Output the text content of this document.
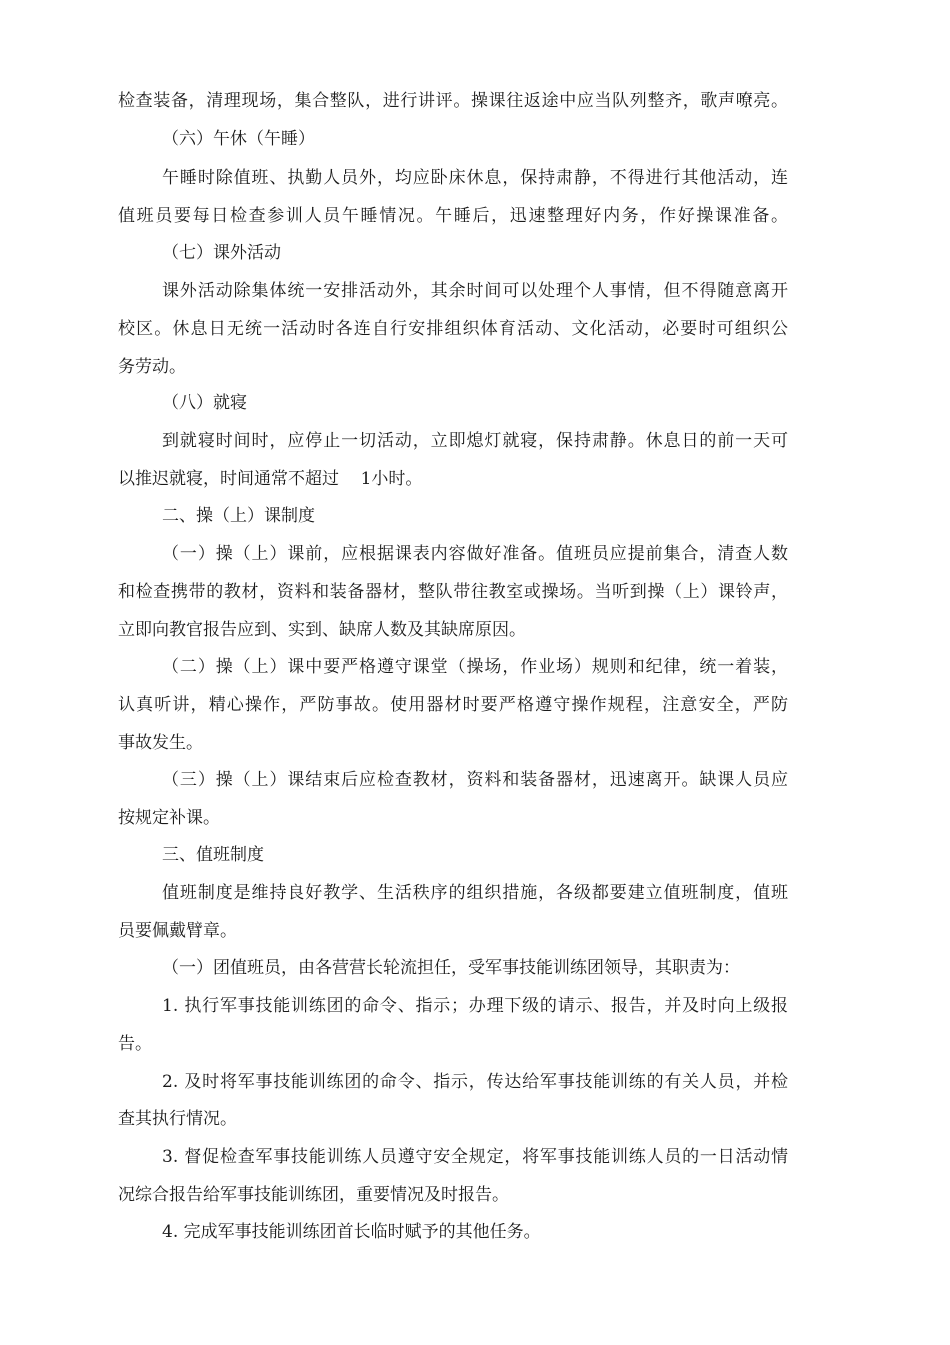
检查装备，清理现场，集合整队，进行讲评。操课往返途中应当队列整齐，歌声嘹亮。
（六）午休（午睡）
午睡时除值班、执勤人员外，均应卧床休息，保持肃静，不得进行其他活动，连
值班员要每日检查参训人员午睡情况。午睡后，迅速整理好内务，作好操课准备。
（七）课外活动
课外活动除集体统一安排活动外，其余时间可以处理个人事情，但不得随意离开
校区。休息日无统一活动时各连自行安排组织体育活动、文化活动，必要时可组织公
务劳动。
（八）就寝
到就寝时间时，应停止一切活动，立即熄灯就寝，保持肃静。休息日的前一天可
以推迟就寝，时间通常不超过    1小时。
二、操（上）课制度
（一）操（上）课前，应根据课表内容做好准备。值班员应提前集合，清查人数
和检查携带的教材，资料和装备器材，整队带往教室或操场。当听到操（上）课铃声，
立即向教官报告应到、实到、缺席人数及其缺席原因。
（二）操（上）课中要严格遵守课堂（操场，作业场）规则和纪律，统一着装，
认真听讲，精心操作，严防事故。使用器材时要严格遵守操作规程，注意安全，严防
事故发生。
（三）操（上）课结束后应检查教材，资料和装备器材，迅速离开。缺课人员应
按规定补课。
三、值班制度
值班制度是维持良好教学、生活秩序的组织措施，各级都要建立值班制度，值班
员要佩戴臂章。
（一）团值班员，由各营营长轮流担任，受军事技能训练团领导，其职责为：
1. 执行军事技能训练团的命令、指示；办理下级的请示、报告，并及时向上级报
告。
2. 及时将军事技能训练团的命令、指示，传达给军事技能训练的有关人员，并检
查其执行情况。
3. 督促检查军事技能训练人员遵守安全规定，将军事技能训练人员的一日活动情
况综合报告给军事技能训练团，重要情况及时报告。
4. 完成军事技能训练团首长临时赋予的其他任务。
